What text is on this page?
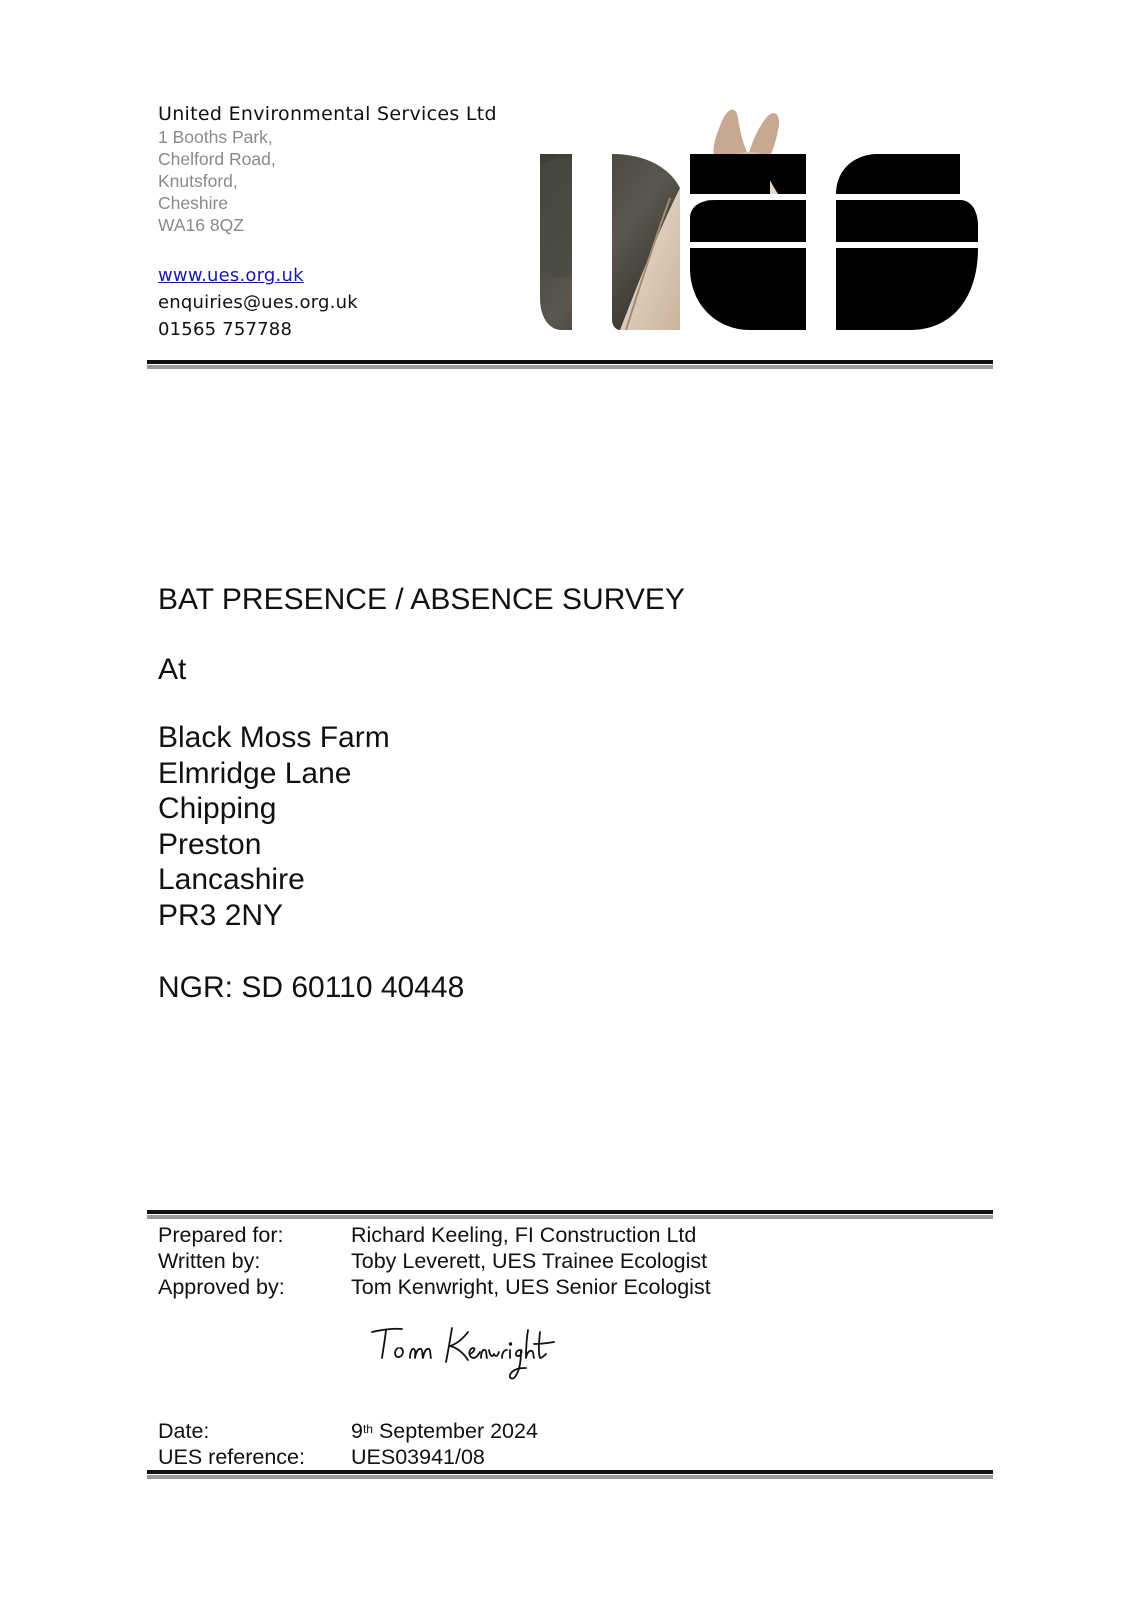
United Environmental Services Ltd
1 Booths Park,
Chelford Road,
Knutsford,
Cheshire
WA16 8QZ
www.ues.org.uk
enquiries@ues.org.uk
01565 757788
BAT PRESENCE / ABSENCE SURVEY
At
Black Moss Farm
Elmridge Lane
Chipping
Preston
Lancashire
PR3 2NY
NGR: SD 60110 40448
Prepared for:	Richard Keeling, FI Construction Ltd
Written by:	Toby Leverett, UES Trainee Ecologist
Approved by:	Tom Kenwright, UES Senior Ecologist
Date:	9th September 2024
UES reference:	UES03941/08
